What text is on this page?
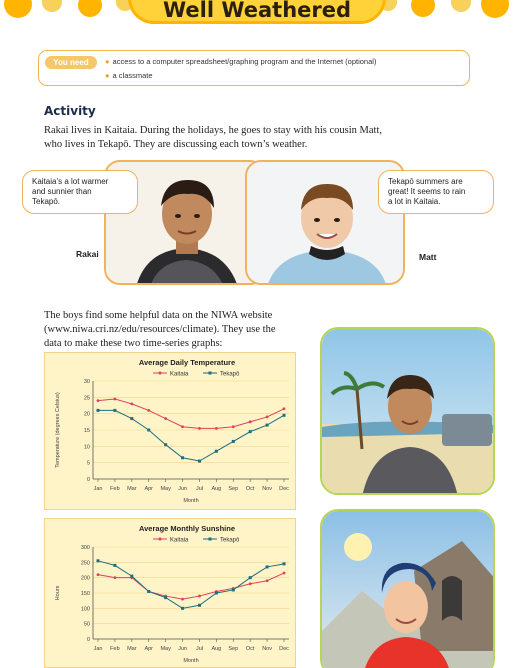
Well Weathered
You need	● access to a computer spreadsheet/graphing program and the Internet (optional)
● a classmate
Activity
Rakai lives in Kaitaia. During the holidays, he goes to stay with his cousin Matt,
who lives in Tekapō. They are discussing each town’s weather.
Kaitaia’s a lot warmer
and sunnier than
Tekapō.
Rakai
Tekapō summers are
great! It seems to rain
a lot in Kaitaia.
Matt
The boys find some helpful data on the NIWA website
(www.niwa.cri.nz/edu/resources/climate). They use the
data to make these two time-series graphs:
Average Daily Temperature
Kaitaia	Tekapō
0
5
10
15
20
25
30
Jan Feb Mar Apr May Jun Jul Aug Sep Oct Nov Dec
Month
Temperature (degrees Celsius)
Average Monthly Sunshine
Kaitaia	Tekapō
0
50
100
150
200
250
300
Jan Feb Mar Apr May Jun Jul Aug Sep Oct Nov Dec
Month
Hours
